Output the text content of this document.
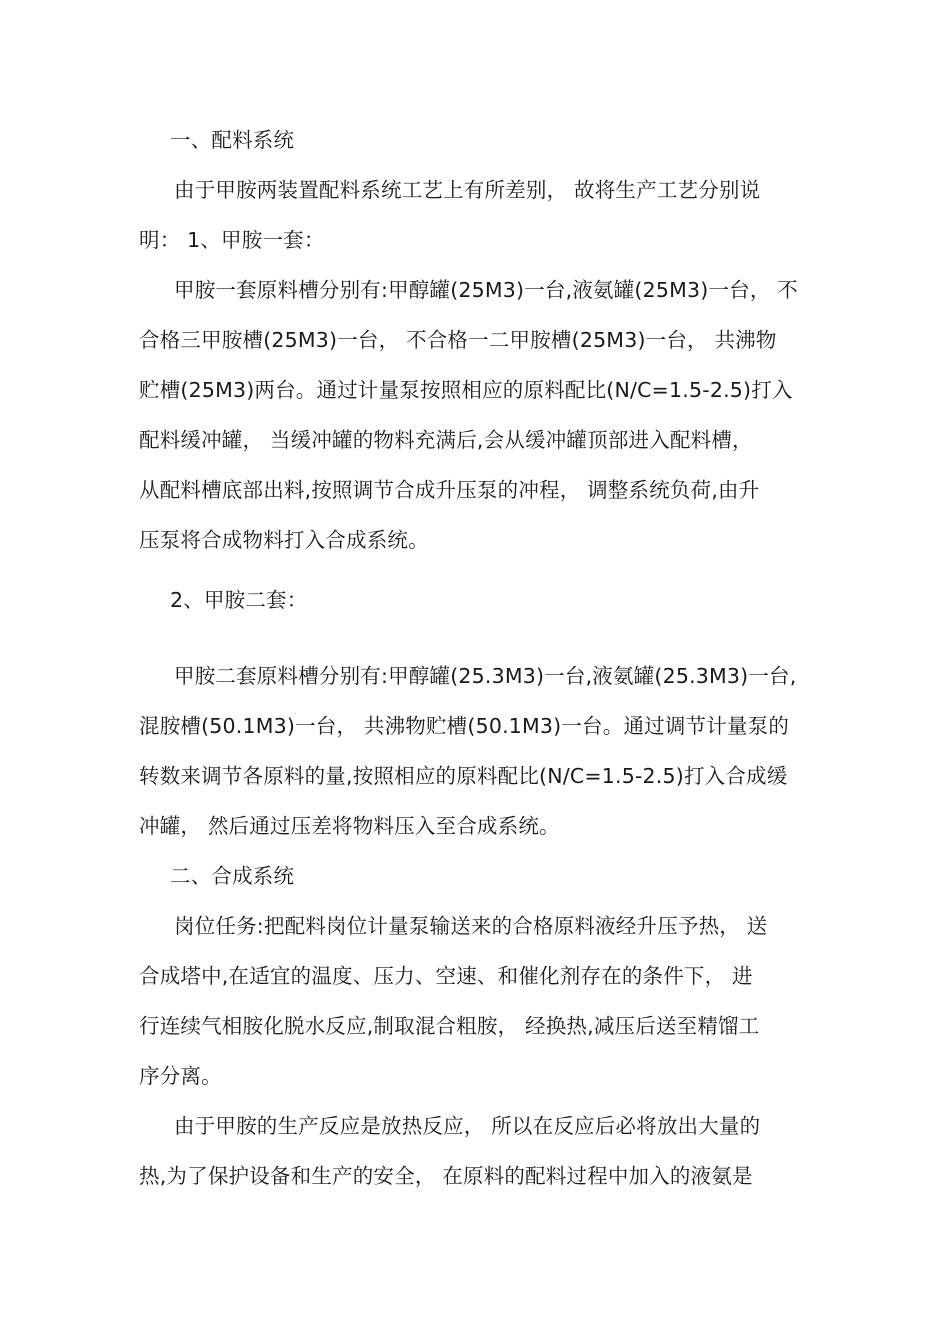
一、配料系统
由于甲胺两装置配料系统工艺上有所差别， 故将生产工艺分别说
明： 1、甲胺一套：
甲胺一套原料槽分别有:甲醇罐(25M3)一台,液氨罐(25M3)一台， 不
合格三甲胺槽(25M3)一台， 不合格一二甲胺槽(25M3)一台， 共沸物
贮槽(25M3)两台。通过计量泵按照相应的原料配比(N/C=1.5-2.5)打入
配料缓冲罐， 当缓冲罐的物料充满后,会从缓冲罐顶部进入配料槽，
从配料槽底部出料,按照调节合成升压泵的冲程， 调整系统负荷,由升
压泵将合成物料打入合成系统。
2、甲胺二套：
甲胺二套原料槽分别有:甲醇罐(25.3M3)一台,液氨罐(25.3M3)一台,
混胺槽(50.1M3)一台， 共沸物贮槽(50.1M3)一台。通过调节计量泵的
转数来调节各原料的量,按照相应的原料配比(N/C=1.5-2.5)打入合成缓
冲罐， 然后通过压差将物料压入至合成系统。
二、合成系统
岗位任务:把配料岗位计量泵输送来的合格原料液经升压予热， 送
合成塔中,在适宜的温度、压力、空速、和催化剂存在的条件下， 进
行连续气相胺化脱水反应,制取混合粗胺， 经换热,减压后送至精馏工
序分离。
由于甲胺的生产反应是放热反应， 所以在反应后必将放出大量的
热,为了保护设备和生产的安全， 在原料的配料过程中加入的液氨是
